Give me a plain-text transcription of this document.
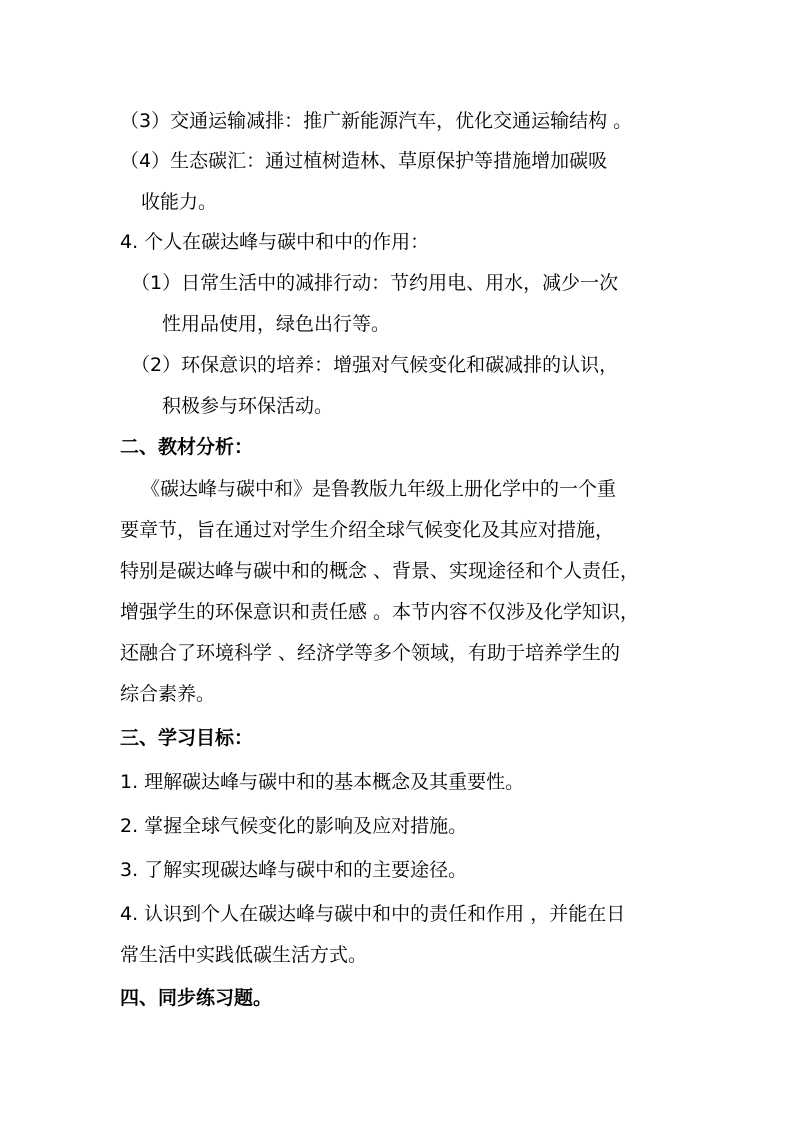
（3）交通运输减排：推广新能源汽车，优化交通运输结构 。
（4）生态碳汇：通过植树造林、草原保护等措施增加碳吸
收能力。
4. 个人在碳达峰与碳中和中的作用：
（1）日常生活中的减排行动：节约用电、用水，减少一次
性用品使用，绿色出行等。
（2）环保意识的培养：增强对气候变化和碳减排的认识，
积极参与环保活动。
二、教材分析：
《碳达峰与碳中和》是鲁教版九年级上册化学中的一个重
要章节，旨在通过对学生介绍全球气候变化及其应对措施，
特别是碳达峰与碳中和的概念 、背景、实现途径和个人责任，
增强学生的环保意识和责任感 。本节内容不仅涉及化学知识，
还融合了环境科学 、经济学等多个领域，有助于培养学生的
综合素养。
三、学习目标：
1. 理解碳达峰与碳中和的基本概念及其重要性。
2. 掌握全球气候变化的影响及应对措施。
3. 了解实现碳达峰与碳中和的主要途径。
4. 认识到个人在碳达峰与碳中和中的责任和作用 ，并能在日
常生活中实践低碳生活方式。
四、同步练习题。
